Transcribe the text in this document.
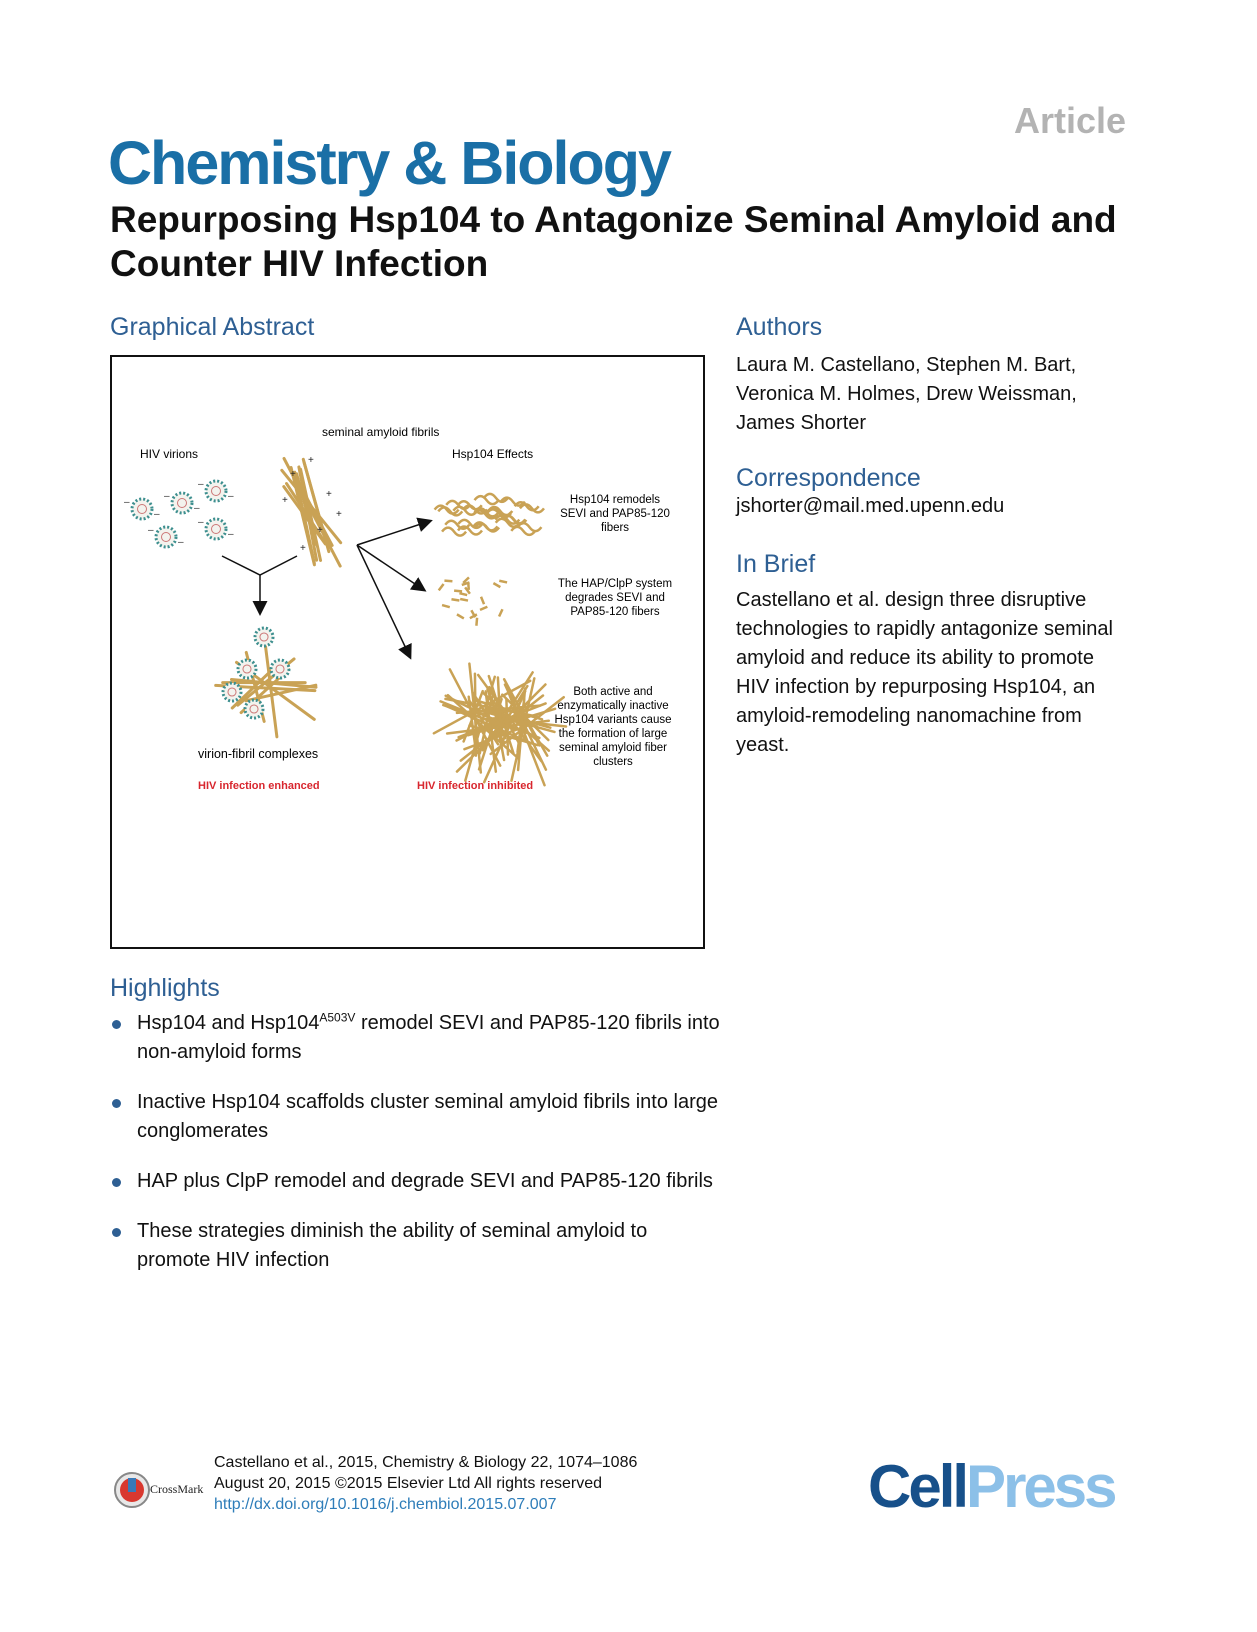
Article
Chemistry & Biology
Repurposing Hsp104 to Antagonize Seminal Amyloid and Counter HIV Infection
Graphical Abstract
seminal amyloid fibrils
HIV virions	Hsp104 Effects
–
–
–
–
–
–
–
–
–
–
+
+
+
+
+
+
+
Hsp104 remodels
SEVI and PAP85-120
fibers
The HAP/ClpP system
degrades SEVI and
PAP85-120 fibers
Both active and
enzymatically inactive
Hsp104 variants cause
the formation of large
seminal amyloid fiber
clusters
virion-fibril complexes
HIV infection enhanced	HIV infection inhibited
Authors
Laura M. Castellano, Stephen M. Bart, Veronica M. Holmes, Drew Weissman, James Shorter
Correspondence
jshorter@mail.med.upenn.edu
In Brief
Castellano et al. design three disruptive technologies to rapidly antagonize seminal amyloid and reduce its ability to promote HIV infection by repurposing Hsp104, an amyloid-remodeling nanomachine from yeast.
Highlights
Hsp104 and $Hsp104^{A503V}$ remodel SEVI and PAP85-120 fibrils into non-amyloid forms
Inactive Hsp104 scaffolds cluster seminal amyloid fibrils into large conglomerates
HAP plus ClpP remodel and degrade SEVI and PAP85-120 fibrils
These strategies diminish the ability of seminal amyloid to promote HIV infection
CrossMark
Castellano et al., 2015, Chemistry & Biology 22, 1074–1086
August 20, 2015 ©2015 Elsevier Ltd All rights reserved
http://dx.doi.org/10.1016/j.chembiol.2015.07.007	CellPress
